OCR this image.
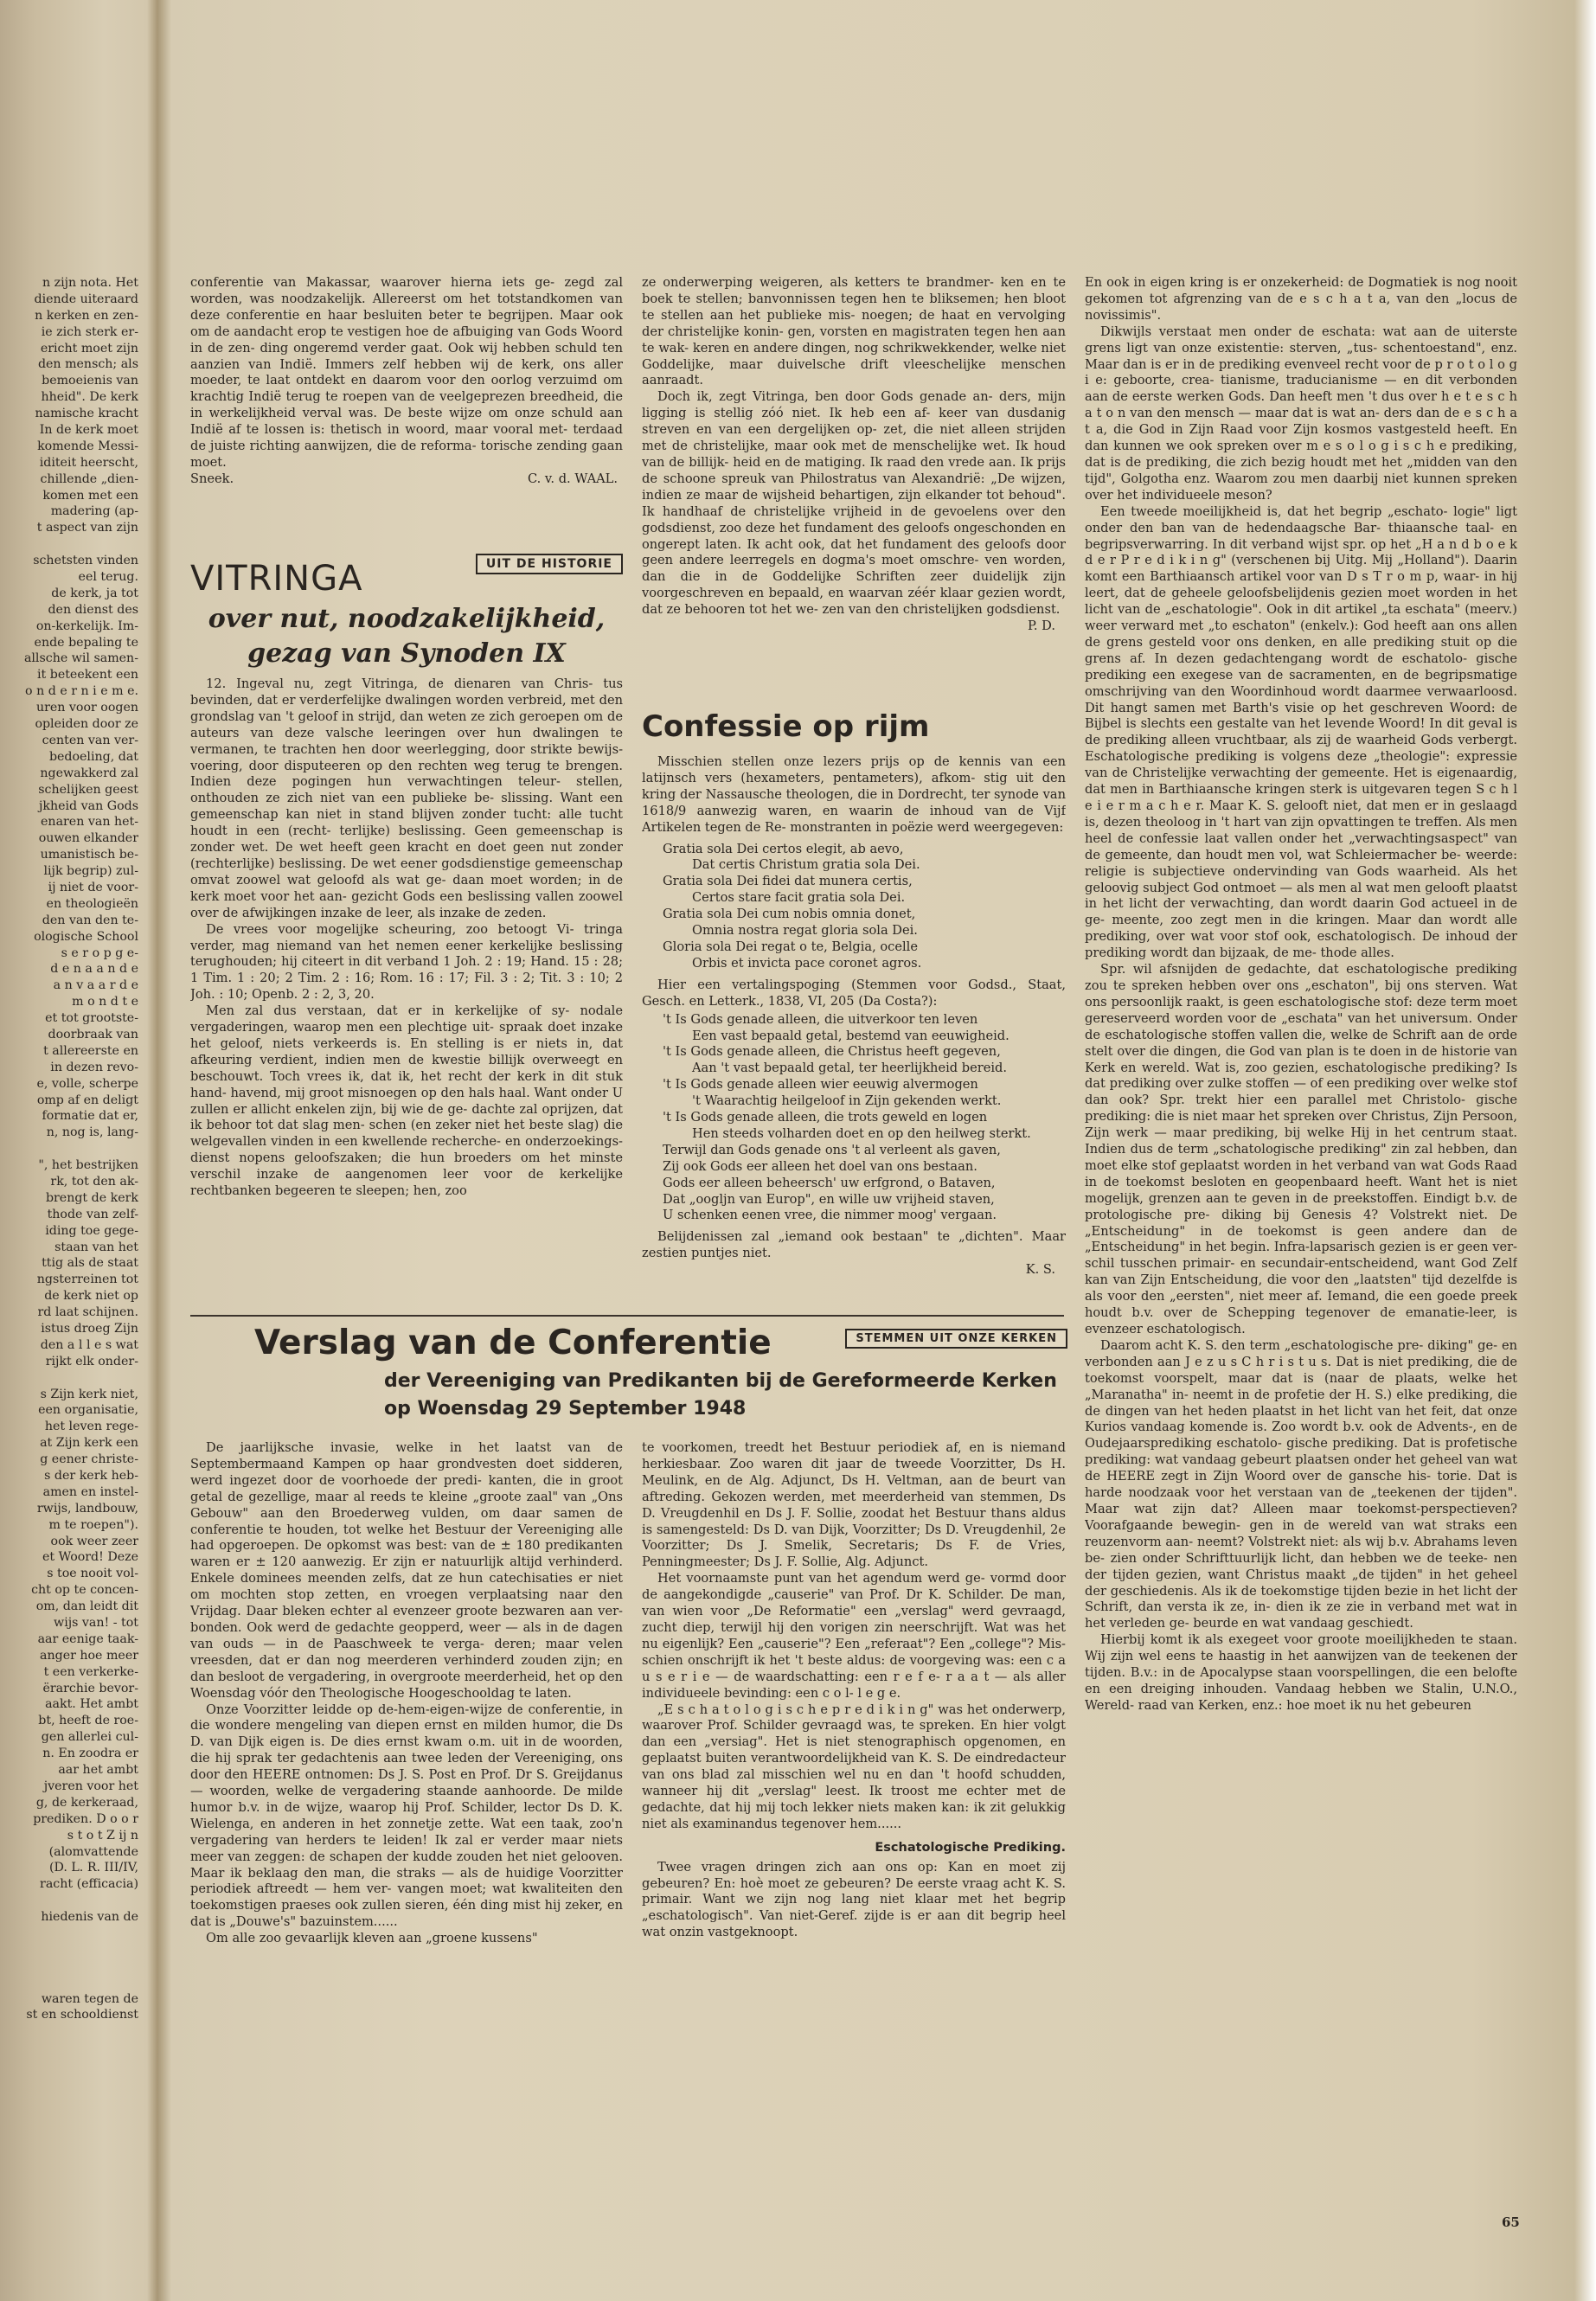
n zijn nota. Het
diende uiteraard
n kerken en zen-
ie zich sterk er-
ericht moet zijn
den mensch; als
bemoeienis van
hheid". De kerk
namische kracht
In de kerk moet
komende Messi-
iditeit heerscht,
chillende „dien-
komen met een
madering (ap-
t aspect van zijn
schetsten vinden
eel terug.
de kerk, ja tot
den dienst des
on-kerkelijk. Im-
ende bepaling te
allsche wil samen-
it beteekent een
o n d e r n i e m e.
uren voor oogen
opleiden door ze
centen van ver-
bedoeling, dat
ngewakkerd zal
schelijken geest
jkheid van Gods
enaren van het-
ouwen elkander
umanistisch be-
lijk begrip) zul-
ij niet de voor-
en theologieën
den van den te-
ologische School
s e r o p g e-
d e n a a n d e
a n v a a r d e
m o n d t e
et tot grootste-
doorbraak van
t allereerste en
in dezen revo-
e, volle, scherpe
omp af en deligt
formatie dat er,
n, nog is, lang-
", het bestrijken
rk, tot den ak-
brengt de kerk
thode van zelf-
iding toe gege-
staan van het
ttig als de staat
ngsterreinen tot
de kerk niet op
rd laat schijnen.
istus droeg Zijn
den a l l e s wat
rijkt elk onder-
s Zijn kerk niet,
een organisatie,
het leven rege-
at Zijn kerk een
g eener christe-
s der kerk heb-
amen en instel-
rwijs, landbouw,
m te roepen").
ook weer zeer
et Woord! Deze
s toe nooit vol-
cht op te concen-
om, dan leidt dit
wijs van! - tot
aar eenige taak-
anger hoe meer
t een verkerke-
ërarchie bevor-
aakt. Het ambt
bt, heeft de roe-
gen allerlei cul-
n. En zoodra er
aar het ambt
jveren voor het
g, de kerkeraad,
prediken. D o o r
s t o t Z ij n
(alomvattende
(D. L. R. III/IV,
racht (efficacia)
hiedenis van de
waren tegen de
st en schooldienst

conferentie van Makassar, waarover hierna iets ge- zegd zal worden, was noodzakelijk. Allereerst om het totstandkomen van deze conferentie en haar besluiten beter te begrijpen. Maar ook om de aandacht erop te vestigen hoe de afbuiging van Gods Woord in de zen- ding ongeremd verder gaat. Ook wij hebben schuld ten aanzien van Indië. Immers zelf hebben wij de kerk, ons aller moeder, te laat ontdekt en daarom voor den oorlog verzuimd om krachtig Indië terug te roepen van de veelgeprezen breedheid, die in werkelijkheid verval was. De beste wijze om onze schuld aan Indië af te lossen is: thetisch in woord, maar vooral met- terdaad de juiste richting aanwijzen, die de reforma- torische zending gaan moet.

Sneek.	C. v. d. WAAL.
VITRINGA	UIT DE HISTORIE
over nut, noodzakelijkheid,
gezag van Synoden IX

12. Ingeval nu, zegt Vitringa, de dienaren van Chris- tus bevinden, dat er verderfelijke dwalingen worden verbreid, met den grondslag van 't geloof in strijd, dan weten ze zich geroepen om de auteurs van deze valsche leeringen over hun dwalingen te vermanen, te trachten hen door weerlegging, door strikte bewijs- voering, door disputeeren op den rechten weg terug te brengen. Indien deze pogingen hun verwachtingen teleur- stellen, onthouden ze zich niet van een publieke be- slissing. Want een gemeenschap kan niet in stand blijven zonder tucht: alle tucht houdt in een (recht- terlijke) beslissing. Geen gemeenschap is zonder wet. De wet heeft geen kracht en doet geen nut zonder (rechterlijke) beslissing. De wet eener godsdienstige gemeenschap omvat zoowel wat geloofd als wat ge- daan moet worden; in de kerk moet voor het aan- gezicht Gods een beslissing vallen zoowel over de afwijkingen inzake de leer, als inzake de zeden.

De vrees voor mogelijke scheuring, zoo betoogt Vi- tringa verder, mag niemand van het nemen eener kerkelijke beslissing terughouden; hij citeert in dit verband 1 Joh. 2 : 19; Hand. 15 : 28; 1 Tim. 1 : 20; 2 Tim. 2 : 16; Rom. 16 : 17; Fil. 3 : 2; Tit. 3 : 10; 2 Joh. : 10; Openb. 2 : 2, 3, 20.

Men zal dus verstaan, dat er in kerkelijke of sy- nodale vergaderingen, waarop men een plechtige uit- spraak doet inzake het geloof, niets verkeerds is. En stelling is er niets in, dat afkeuring verdient, indien men de kwestie billijk overweegt en beschouwt. Toch vrees ik, dat ik, het recht der kerk in dit stuk hand- havend, mij groot misnoegen op den hals haal. Want onder U zullen er allicht enkelen zijn, bij wie de ge- dachte zal oprijzen, dat ik behoor tot dat slag men- schen (en zeker niet het beste slag) die welgevallen vinden in een kwellende recherche- en onderzoekings- dienst nopens geloofszaken; die hun broeders om het minste verschil inzake de aangenomen leer voor de kerkelijke rechtbanken begeeren te sleepen; hen, zoo

ze onderwerping weigeren, als ketters te brandmer- ken en te boek te stellen; banvonnissen tegen hen te bliksemen; hen bloot te stellen aan het publieke mis- noegen; de haat en vervolging der christelijke konin- gen, vorsten en magistraten tegen hen aan te wak- keren en andere dingen, nog schrikwekkender, welke niet Goddelijke, maar duivelsche drift vleeschelijke menschen aanraadt.

Doch ik, zegt Vitringa, ben door Gods genade an- ders, mijn ligging is stellig zóó niet. Ik heb een af- keer van dusdanig streven en van een dergelijken op- zet, die niet alleen strijden met de christelijke, maar ook met de menschelijke wet. Ik houd van de billijk- heid en de matiging. Ik raad den vrede aan. Ik prijs de schoone spreuk van Philostratus van Alexandrië: „De wijzen, indien ze maar de wijsheid behartigen, zijn elkander tot behoud". Ik handhaaf de christelijke vrijheid in de gevoelens over den godsdienst, zoo deze het fundament des geloofs ongeschonden en ongerept laten. Ik acht ook, dat het fundament des geloofs door geen andere leerregels en dogma's moet omschre- ven worden, dan die in de Goddelijke Schriften zeer duidelijk zijn voorgeschreven en bepaald, en waarvan zéér klaar gezien wordt, dat ze behooren tot het we- zen van den christelijken godsdienst.

P. D.
Confessie op rijm

Misschien stellen onze lezers prijs op de kennis van een latijnsch vers (hexameters, pentameters), afkom- stig uit den kring der Nassausche theologen, die in Dordrecht, ter synode van 1618/9 aanwezig waren, en waarin de inhoud van de Vijf Artikelen tegen de Re- monstranten in poëzie werd weergegeven:

Gratia sola Dei certos elegit, ab aevo,
Dat certis Christum gratia sola Dei.
Gratia sola Dei fidei dat munera certis,
Certos stare facit gratia sola Dei.
Gratia sola Dei cum nobis omnia donet,
Omnia nostra regat gloria sola Dei.
Gloria sola Dei regat o te, Belgia, ocelle
Orbis et invicta pace coronet agros.

Hier een vertalingspoging (Stemmen voor Godsd., Staat, Gesch. en Letterk., 1838, VI, 205 (Da Costa?):

't Is Gods genade alleen, die uitverkoor ten leven
Een vast bepaald getal, bestemd van eeuwigheid.
't Is Gods genade alleen, die Christus heeft gegeven,
Aan 't vast bepaald getal, ter heerlijkheid bereid.
't Is Gods genade alleen wier eeuwig alvermogen
't Waarachtig heilgeloof in Zijn gekenden werkt.
't Is Gods genade alleen, die trots geweld en logen
Hen steeds volharden doet en op den heilweg sterkt.
Terwijl dan Gods genade ons 't al verleent als gaven,
Zij ook Gods eer alleen het doel van ons bestaan.
Gods eer alleen beheersch' uw erfgrond, o Bataven,
Dat „oogljn van Europ", en wille uw vrijheid staven,
U schenken eenen vree, die nimmer moog' vergaan.

Belijdenissen zal „iemand ook bestaan" te „dichten". Maar zestien puntjes niet.

K. S.
Verslag van de Conferentie	STEMMEN UIT ONZE KERKEN
der Vereeniging van Predikanten bij de Gereformeerde Kerken
op Woensdag 29 September 1948

De jaarlijksche invasie, welke in het laatst van de Septembermaand Kampen op haar grondvesten doet sidderen, werd ingezet door de voorhoede der predi- kanten, die in groot getal de gezellige, maar al reeds te kleine „groote zaal" van „Ons Gebouw" aan den Broederweg vulden, om daar samen de conferentie te houden, tot welke het Bestuur der Vereeniging alle had opgeroepen. De opkomst was best: van de ± 180 predikanten waren er ± 120 aanwezig. Er zijn er natuurlijk altijd verhinderd. Enkele dominees meenden zelfs, dat ze hun catechisaties er niet om mochten stop zetten, en vroegen verplaatsing naar den Vrijdag. Daar bleken echter al evenzeer groote bezwaren aan ver- bonden. Ook werd de gedachte geopperd, weer — als in de dagen van ouds — in de Paaschweek te verga- deren; maar velen vreesden, dat er dan nog meerderen verhinderd zouden zijn; en dan besloot de vergadering, in overgroote meerderheid, het op den Woensdag vóór den Theologische Hoogeschooldag te laten.

Onze Voorzitter leidde op de-hem-eigen-wijze de conferentie, in die wondere mengeling van diepen ernst en milden humor, die Ds D. van Dijk eigen is. De dies ernst kwam o.m. uit in de woorden, die hij sprak ter gedachtenis aan twee leden der Vereeniging, ons door den HEERE ontnomen: Ds J. S. Post en Prof. Dr S. Greijdanus — woorden, welke de vergadering staande aanhoorde. De milde humor b.v. in de wijze, waarop hij Prof. Schilder, lector Ds D. K. Wielenga, en anderen in het zonnetje zette. Wat een taak, zoo'n vergadering van herders te leiden! Ik zal er verder maar niets meer van zeggen: de schapen der kudde zouden het niet gelooven. Maar ik beklaag den man, die straks — als de huidige Voorzitter periodiek aftreedt — hem ver- vangen moet; wat kwaliteiten den toekomstigen praeses ook zullen sieren, één ding mist hij zeker, en dat is „Douwe's" bazuinstem......

Om alle zoo gevaarlijk kleven aan „groene kussens"

te voorkomen, treedt het Bestuur periodiek af, en is niemand herkiesbaar. Zoo waren dit jaar de tweede Voorzitter, Ds H. Meulink, en de Alg. Adjunct, Ds H. Veltman, aan de beurt van aftreding. Gekozen werden, met meerderheid van stemmen, Ds D. Vreugdenhil en Ds J. F. Sollie, zoodat het Bestuur thans aldus is samengesteld: Ds D. van Dijk, Voorzitter; Ds D. Vreugdenhil, 2e Voorzitter; Ds J. Smelik, Secretaris; Ds F. de Vries, Penningmeester; Ds J. F. Sollie, Alg. Adjunct.

Het voornaamste punt van het agendum werd ge- vormd door de aangekondigde „causerie" van Prof. Dr K. Schilder. De man, van wien voor „De Reformatie" een „verslag" werd gevraagd, zucht diep, terwijl hij den vorigen zin neerschrijft. Wat was het nu eigenlijk? Een „causerie"? Een „referaat"? Een „college"? Mis- schien onschrijft ik het 't beste aldus: de voorgeving was: een c a u s e r i e — de waardschatting: een r e f e- r a a t — als aller individueele bevinding: een c o l- l e g e.

„E s c h a t o l o g i s c h e p r e d i k i n g" was het onderwerp, waarover Prof. Schilder gevraagd was, te spreken. En hier volgt dan een „versiag". Het is niet stenographisch opgenomen, en geplaatst buiten verantwoordelijkheid van K. S. De eindredacteur van ons blad zal misschien wel nu en dan 't hoofd schudden, wanneer hij dit „verslag" leest. Ik troost me echter met de gedachte, dat hij mij toch lekker niets maken kan: ik zit gelukkig niet als examinandus tegenover hem......

Eschatologische Prediking.

Twee vragen dringen zich aan ons op: Kan en moet zij gebeuren? En: hoè moet ze gebeuren? De eerste vraag acht K. S. primair. Want we zijn nog lang niet klaar met het begrip „eschatologisch". Van niet-Geref. zijde is er aan dit begrip heel wat onzin vastgeknoopt.

En ook in eigen kring is er onzekerheid: de Dogmatiek is nog nooit gekomen tot afgrenzing van de e s c h a t a, van den „locus de novissimis".

Dikwijls verstaat men onder de eschata: wat aan de uiterste grens ligt van onze existentie: sterven, „tus- schentoestand", enz. Maar dan is er in de prediking evenveel recht voor de p r o t o l o g i e: geboorte, crea- tianisme, traducianisme — en dit verbonden aan de eerste werken Gods. Dan heeft men 't dus over h e t e s c h a t o n van den mensch — maar dat is wat an- ders dan de e s c h a t a, die God in Zijn Raad voor Zijn kosmos vastgesteld heeft. En dan kunnen we ook spreken over m e s o l o g i s c h e prediking, dat is de prediking, die zich bezig houdt met het „midden van den tijd", Golgotha enz. Waarom zou men daarbij niet kunnen spreken over het individueele meson?

Een tweede moeilijkheid is, dat het begrip „eschato- logie" ligt onder den ban van de hedendaagsche Bar- thiaansche taal- en begripsverwarring. In dit verband wijst spr. op het „H a n d b o e k d e r P r e d i k i n g" (verschenen bij Uitg. Mij „Holland"). Daarin komt een Barthiaansch artikel voor van D s T r o m p, waar- in hij leert, dat de geheele geloofsbelijdenis gezien moet worden in het licht van de „eschatologie". Ook in dit artikel „ta eschata" (meerv.) weer verward met „to eschaton" (enkelv.): God heeft aan ons allen de grens gesteld voor ons denken, en alle prediking stuit op die grens af. In dezen gedachtengang wordt de eschatolo- gische prediking een exegese van de sacramenten, en de begripsmatige omschrijving van den Woordinhoud wordt daarmee verwaarloosd. Dit hangt samen met Barth's visie op het geschreven Woord: de Bijbel is slechts een gestalte van het levende Woord! In dit geval is de prediking alleen vruchtbaar, als zij de waarheid Gods verbergt. Eschatologische prediking is volgens deze „theologie": expressie van de Christelijke verwachting der gemeente. Het is eigenaardig, dat men in Barthiaansche kringen sterk is uitgevaren tegen S c h l e i e r m a c h e r. Maar K. S. gelooft niet, dat men er in geslaagd is, dezen theoloog in 't hart van zijn opvattingen te treffen. Als men heel de confessie laat vallen onder het „verwachtingsaspect" van de gemeente, dan houdt men vol, wat Schleiermacher be- weerde: religie is subjectieve ondervinding van Gods waarheid. Als het geloovig subject God ontmoet — als men al wat men gelooft plaatst in het licht der verwachting, dan wordt daarin God actueel in de ge- meente, zoo zegt men in die kringen. Maar dan wordt alle prediking, over wat voor stof ook, eschatologisch. De inhoud der prediking wordt dan bijzaak, de me- thode alles.

Spr. wil afsnijden de gedachte, dat eschatologische prediking zou te spreken hebben over ons „eschaton", bij ons sterven. Wat ons persoonlijk raakt, is geen eschatologische stof: deze term moet gereserveerd worden voor de „eschata" van het universum. Onder de eschatologische stoffen vallen die, welke de Schrift aan de orde stelt over die dingen, die God van plan is te doen in de historie van Kerk en wereld. Wat is, zoo gezien, eschatologische prediking? Is dat prediking over zulke stoffen — of een prediking over welke stof dan ook? Spr. trekt hier een parallel met Christolo- gische prediking: die is niet maar het spreken over Christus, Zijn Persoon, Zijn werk — maar prediking, bij welke Hij in het centrum staat. Indien dus de term „schatologische prediking" zin zal hebben, dan moet elke stof geplaatst worden in het verband van wat Gods Raad in de toekomst besloten en geopenbaard heeft. Want het is niet mogelijk, grenzen aan te geven in de preekstoffen. Eindigt b.v. de protologische pre- diking bij Genesis 4? Volstrekt niet. De „Entscheidung" in de toekomst is geen andere dan de „Entscheidung" in het begin. Infra-lapsarisch gezien is er geen ver- schil tusschen primair- en secundair-entscheidend, want God Zelf kan van Zijn Entscheidung, die voor den „laatsten" tijd dezelfde is als voor den „eersten", niet meer af. Iemand, die een goede preek houdt b.v. over de Schepping tegenover de emanatie-leer, is evenzeer eschatologisch.

Daarom acht K. S. den term „eschatologische pre- diking" ge- en verbonden aan J e z u s C h r i s t u s. Dat is niet prediking, die de toekomst voorspelt, maar dat is (naar de plaats, welke het „Maranatha" in- neemt in de profetie der H. S.) elke prediking, die de dingen van het heden plaatst in het licht van het feit, dat onze Kurios vandaag komende is. Zoo wordt b.v. ook de Advents-, en de Oudejaarsprediking eschatolo- gische prediking. Dat is profetische prediking: wat vandaag gebeurt plaatsen onder het geheel van wat de HEERE zegt in Zijn Woord over de gansche his- torie. Dat is harde noodzaak voor het verstaan van de „teekenen der tijden". Maar wat zijn dat? Alleen maar toekomst-perspectieven? Voorafgaande bewegin- gen in de wereld van wat straks een reuzenvorm aan- neemt? Volstrekt niet: als wij b.v. Abrahams leven be- zien onder Schrifttuurlijk licht, dan hebben we de teeke- nen der tijden gezien, want Christus maakt „de tijden" in het geheel der geschiedenis. Als ik de toekomstige tijden bezie in het licht der Schrift, dan versta ik ze, in- dien ik ze zie in verband met wat in het verleden ge- beurde en wat vandaag geschiedt.

Hierbij komt ik als exegeet voor groote moeilijkheden te staan. Wij zijn wel eens te haastig in het aanwijzen van de teekenen der tijden. B.v.: in de Apocalypse staan voorspellingen, die een belofte en een dreiging inhouden. Vandaag hebben we Stalin, U.N.O., Wereld- raad van Kerken, enz.: hoe moet ik nu het gebeuren

65
